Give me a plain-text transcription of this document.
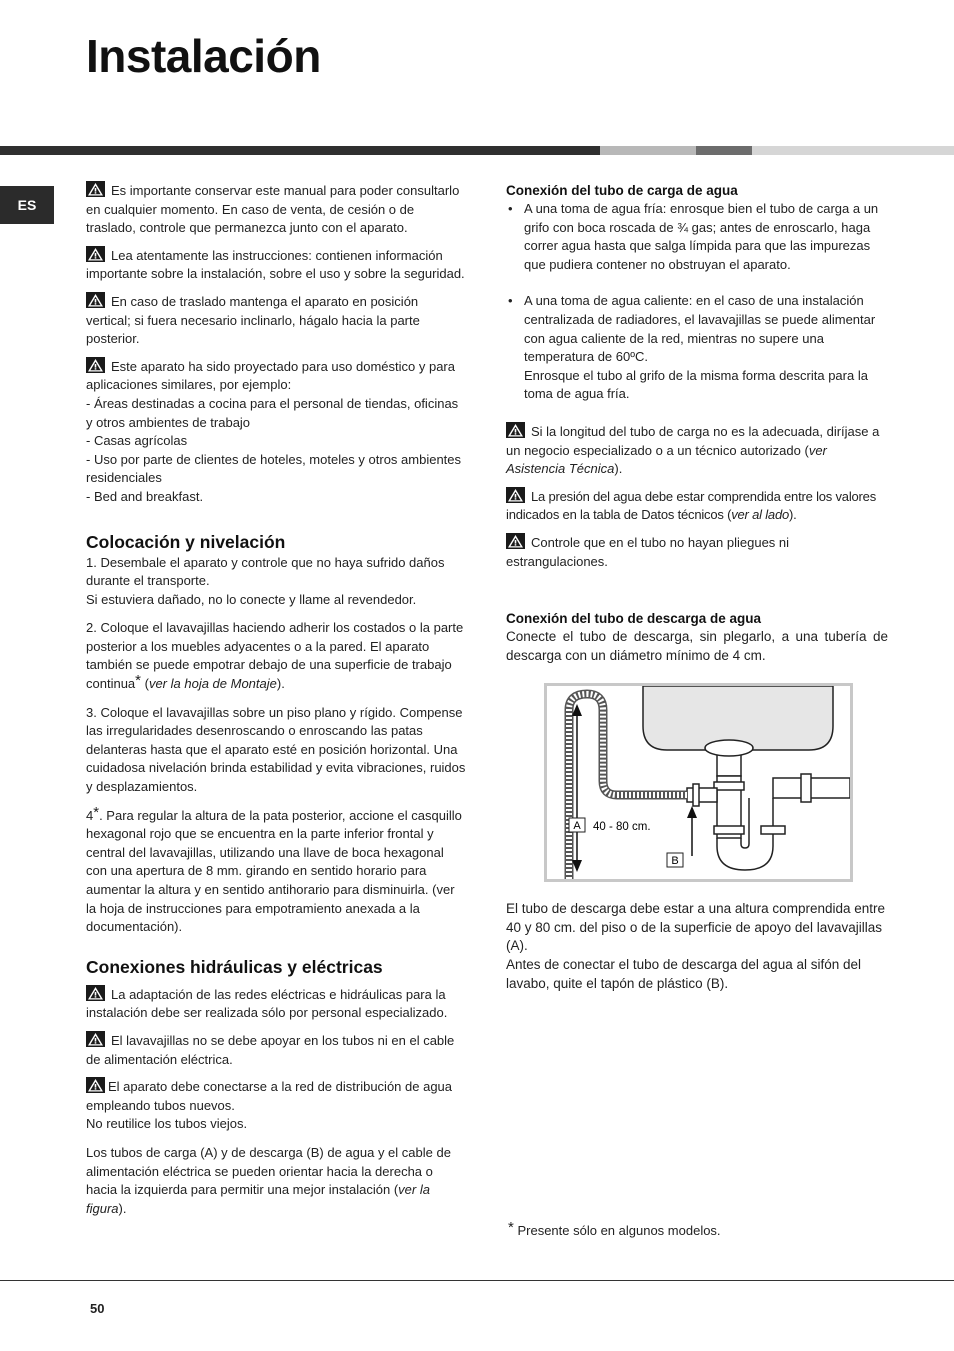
Instalación
ES

Es importante conservar este manual para poder consultarlo en cualquier momento. En caso de venta, de cesión o de traslado, controle que permanezca junto con el aparato.

Lea atentamente las instrucciones: contienen información importante sobre la instalación, sobre el uso y sobre la seguridad.

En caso de traslado mantenga el aparato en posición vertical; si fuera necesario inclinarlo, hágalo hacia la parte posterior.

Este aparato ha sido proyectado para uso doméstico y para aplicaciones similares, por ejemplo:

- Áreas destinadas a cocina para el personal de tiendas, oficinas y otros ambientes de trabajo

- Casas agrícolas

- Uso por parte de clientes de hoteles, moteles y otros ambientes residenciales

- Bed and breakfast.

Colocación y nivelación

1. Desembale el aparato y controle que no haya sufrido daños durante el transporte.

Si estuviera dañado, no lo conecte y llame al revendedor.

2. Coloque el lavavajillas haciendo adherir los costados o la parte posterior a los muebles adyacentes o a la pared. El aparato también se puede empotrar debajo de una superficie de trabajo continua* (ver la hoja de Montaje).

3. Coloque el lavavajillas sobre un piso plano y rígido. Compense las irregularidades desenroscando o enroscando las patas delanteras hasta que el aparato esté en posición horizontal. Una cuidadosa nivelación brinda estabilidad y evita vibraciones, ruidos y desplazamientos.

4*. Para regular la altura de la pata posterior, accione el casquillo hexagonal rojo que se encuentra en la parte inferior frontal y central del lavavajillas, utilizando una llave de boca hexagonal con una apertura de 8 mm. girando en sentido horario para aumentar la altura y en sentido antihorario para disminuirla. (ver la hoja de instrucciones para empotramiento anexada a la documentación).

Conexiones hidráulicas y eléctricas

La adaptación de las redes eléctricas e hidráulicas para la instalación debe ser realizada sólo por personal especializado.

El lavavajillas no se debe apoyar en los tubos ni en el cable de alimentación eléctrica.

El aparato debe conectarse a la red de distribución de agua empleando tubos nuevos.

No reutilice los tubos viejos.

Los tubos de carga (A) y de descarga (B) de agua y el cable de alimentación eléctrica se pueden orientar hacia la derecha o hacia la izquierda para permitir una mejor instalación (ver la figura).

Conexión del tubo de carga de agua
• A una toma de agua fría: enrosque bien el tubo de carga a un grifo con boca roscada de ¾ gas; antes de enroscarlo, haga correr agua hasta que salga límpida para que las impurezas que pudiera contener no obstruyan el aparato.
• A una toma de agua caliente: en el caso de una instalación centralizada de radiadores, el lavavajillas se puede alimentar con agua caliente de la red, mientras no supere una temperatura de 60ºC.
Enrosque el tubo al grifo de la misma forma descrita para la toma de agua fría.

Si la longitud del tubo de carga no es la adecuada, diríjase a un negocio especializado o a un técnico autorizado (ver Asistencia Técnica).

La presión del agua debe estar comprendida entre los valores indicados en la tabla de Datos técnicos (ver al lado).

Controle que en el tubo no hayan pliegues ni estrangulaciones.

Conexión del tubo de descarga de agua

Conecte el tubo de descarga, sin plegarlo, a una tubería de descarga con un diámetro mínimo de 4 cm.

A 40 - 80 cm.
B

El tubo de descarga debe estar a una altura comprendida entre 40 y 80 cm. del piso o de la superficie de apoyo del lavavajillas (A).

Antes de conectar el tubo de descarga del agua al sifón del lavabo, quite el tapón de plástico (B).

* Presente sólo en algunos modelos.

50
